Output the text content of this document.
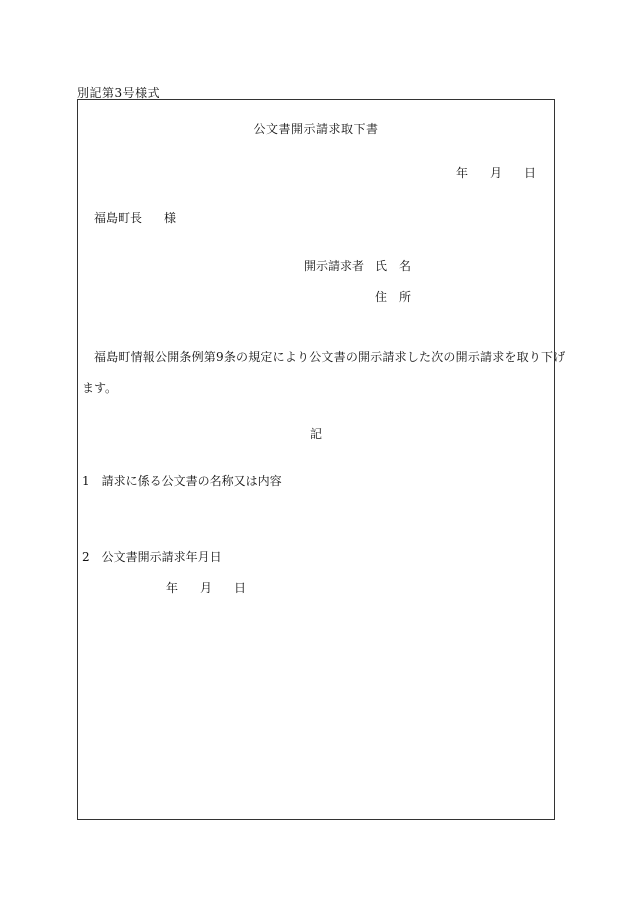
別記第3号様式
公文書開示請求取下書
年 月 日
福島町長 様
開示請求者 氏　名
住　所
福島町情報公開条例第9条の規定により公文書の開示請求した次の開示請求を取り下げ
ます。
記
1 請求に係る公文書の名称又は内容
2 公文書開示請求年月日
年 月 日
